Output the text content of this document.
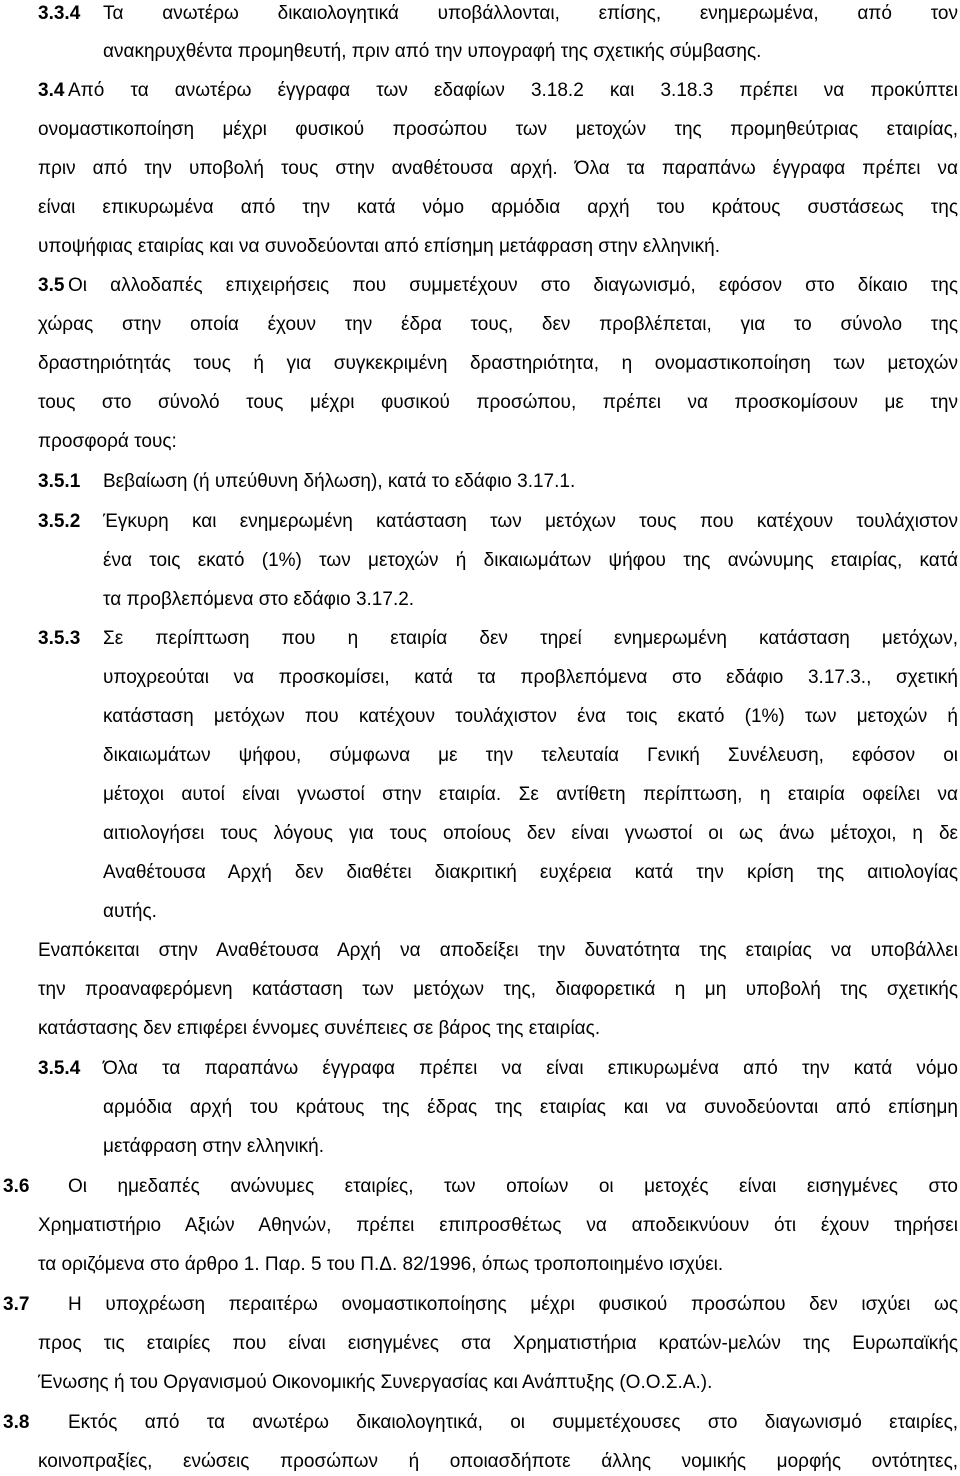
3.3.4 Τα ανωτέρω δικαιολογητικά υποβάλλονται, επίσης, ενημερωμένα, από τον
ανακηρυχθέντα προμηθευτή, πριν από την υπογραφή της σχετικής σύμβασης.
3.4 Από τα ανωτέρω έγγραφα των εδαφίων 3.18.2 και 3.18.3 πρέπει να προκύπτει
ονομαστικοποίηση μέχρι φυσικού προσώπου των μετοχών της προμηθεύτριας εταιρίας,
πριν από την υποβολή τους στην αναθέτουσα αρχή. Όλα τα παραπάνω έγγραφα πρέπει να
είναι επικυρωμένα από την κατά νόμο αρμόδια αρχή του κράτους συστάσεως της
υποψήφιας εταιρίας και να συνοδεύονται από επίσημη μετάφραση στην ελληνική.
3.5 Οι αλλοδαπές επιχειρήσεις που συμμετέχουν στο διαγωνισμό, εφόσον στο δίκαιο της
χώρας στην οποία έχουν την έδρα τους, δεν προβλέπεται, για το σύνολο της
δραστηριότητάς τους ή για συγκεκριμένη δραστηριότητα, η ονομαστικοποίηση των μετοχών
τους στο σύνολό τους μέχρι φυσικού προσώπου, πρέπει να προσκομίσουν με την
προσφορά τους:
3.5.1 Βεβαίωση (ή υπεύθυνη δήλωση), κατά το εδάφιο 3.17.1.
3.5.2 Έγκυρη και ενημερωμένη κατάσταση των μετόχων τους που κατέχουν τουλάχιστον
ένα τοις εκατό (1%) των μετοχών ή δικαιωμάτων ψήφου της ανώνυμης εταιρίας, κατά
τα προβλεπόμενα στο εδάφιο 3.17.2.
3.5.3 Σε περίπτωση που η εταιρία δεν τηρεί ενημερωμένη κατάσταση μετόχων,
υποχρεούται να προσκομίσει, κατά τα προβλεπόμενα στο εδάφιο 3.17.3., σχετική
κατάσταση μετόχων που κατέχουν τουλάχιστον ένα τοις εκατό (1%) των μετοχών ή
δικαιωμάτων ψήφου, σύμφωνα με την τελευταία Γενική Συνέλευση, εφόσον οι
μέτοχοι αυτοί είναι γνωστοί στην εταιρία. Σε αντίθετη περίπτωση, η εταιρία οφείλει να
αιτιολογήσει τους λόγους για τους οποίους δεν είναι γνωστοί οι ως άνω μέτοχοι, η δε
Αναθέτουσα Αρχή δεν διαθέτει διακριτική ευχέρεια κατά την κρίση της αιτιολογίας
αυτής.
Εναπόκειται στην Αναθέτουσα Αρχή να αποδείξει την δυνατότητα της εταιρίας να υποβάλλει
την προαναφερόμενη κατάσταση των μετόχων της, διαφορετικά η μη υποβολή της σχετικής
κατάστασης δεν επιφέρει έννομες συνέπειες σε βάρος της εταιρίας.
3.5.4 Όλα τα παραπάνω έγγραφα πρέπει να είναι επικυρωμένα από την κατά νόμο
αρμόδια αρχή του κράτους της έδρας της εταιρίας και να συνοδεύονται από επίσημη
μετάφραση στην ελληνική.
3.6 Οι ημεδαπές ανώνυμες εταιρίες, των οποίων οι μετοχές είναι εισηγμένες στο
Χρηματιστήριο Αξιών Αθηνών, πρέπει επιπροσθέτως να αποδεικνύουν ότι έχουν τηρήσει
τα οριζόμενα στο άρθρο 1. Παρ. 5 του Π.Δ. 82/1996, όπως τροποποιημένο ισχύει.
3.7 Η υποχρέωση περαιτέρω ονομαστικοποίησης μέχρι φυσικού προσώπου δεν ισχύει ως
προς τις εταιρίες που είναι εισηγμένες στα Χρηματιστήρια κρατών-μελών της Ευρωπαϊκής
Ένωσης ή του Οργανισμού Οικονομικής Συνεργασίας και Ανάπτυξης (Ο.Ο.Σ.Α.).
3.8 Εκτός από τα ανωτέρω δικαιολογητικά, οι συμμετέχουσες στο διαγωνισμό εταιρίες,
κοινοπραξίες, ενώσεις προσώπων ή οποιασδήποτε άλλης νομικής μορφής οντότητες,
